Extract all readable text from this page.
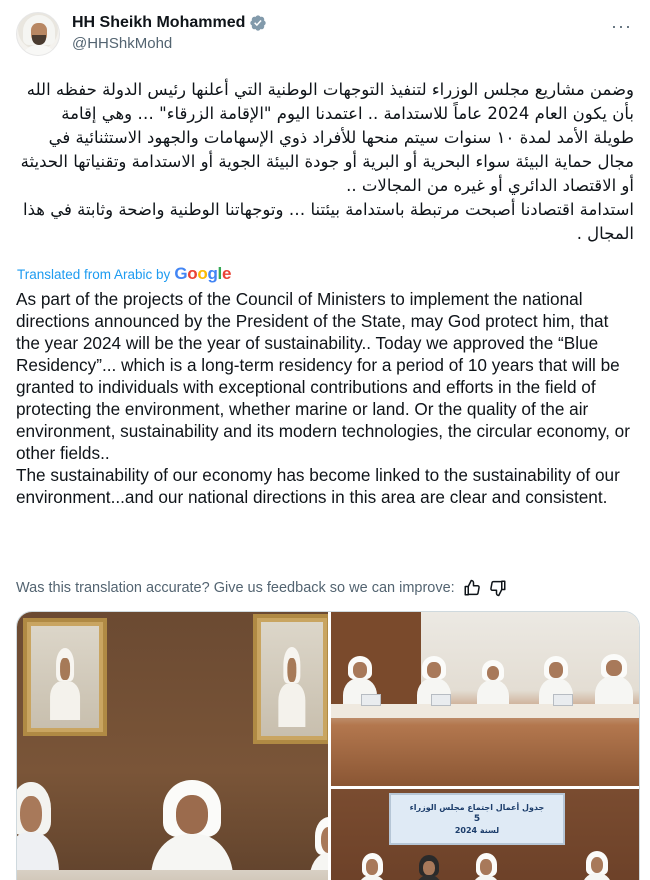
HH Sheikh Mohammed
@HHShkMohd
···
وضمن مشاريع مجلس الوزراء لتنفيذ التوجهات الوطنية التي أعلنها رئيس الدولة حفظه الله بأن يكون العام 2024 عاماً للاستدامة .. اعتمدنا اليوم "الإقامة الزرقاء" … وهي إقامة طويلة الأمد لمدة ١٠ سنوات سيتم منحها للأفراد ذوي الإسهامات والجهود الاستثنائية في مجال حماية البيئة سواء البحرية أو البرية أو جودة البيئة الجوية أو الاستدامة وتقنياتها الحديثة أو الاقتصاد الدائري أو غيره من المجالات ..
استدامة اقتصادنا أصبحت مرتبطة باستدامة بيئتنا … وتوجهاتنا الوطنية واضحة وثابتة في هذا المجال .
Translated from Arabic by Google

As part of the projects of the Council of Ministers to implement the national directions announced by the President of the State, may God protect him, that the year 2024 will be the year of sustainability.. Today we approved the “Blue Residency”... which is a long-term residency for a period of 10 years that will be granted to individuals with exceptional contributions and efforts in the field of protecting the environment, whether marine or land. Or the quality of the air environment, sustainability and its modern technologies, the circular economy, or other fields..

The sustainability of our economy has become linked to the sustainability of our environment...and our national directions in this area are clear and consistent.

Was this translation accurate? Give us feedback so we can improve:
جدول أعمال اجتماع مجلس الوزراء
5
لسنة 2024
